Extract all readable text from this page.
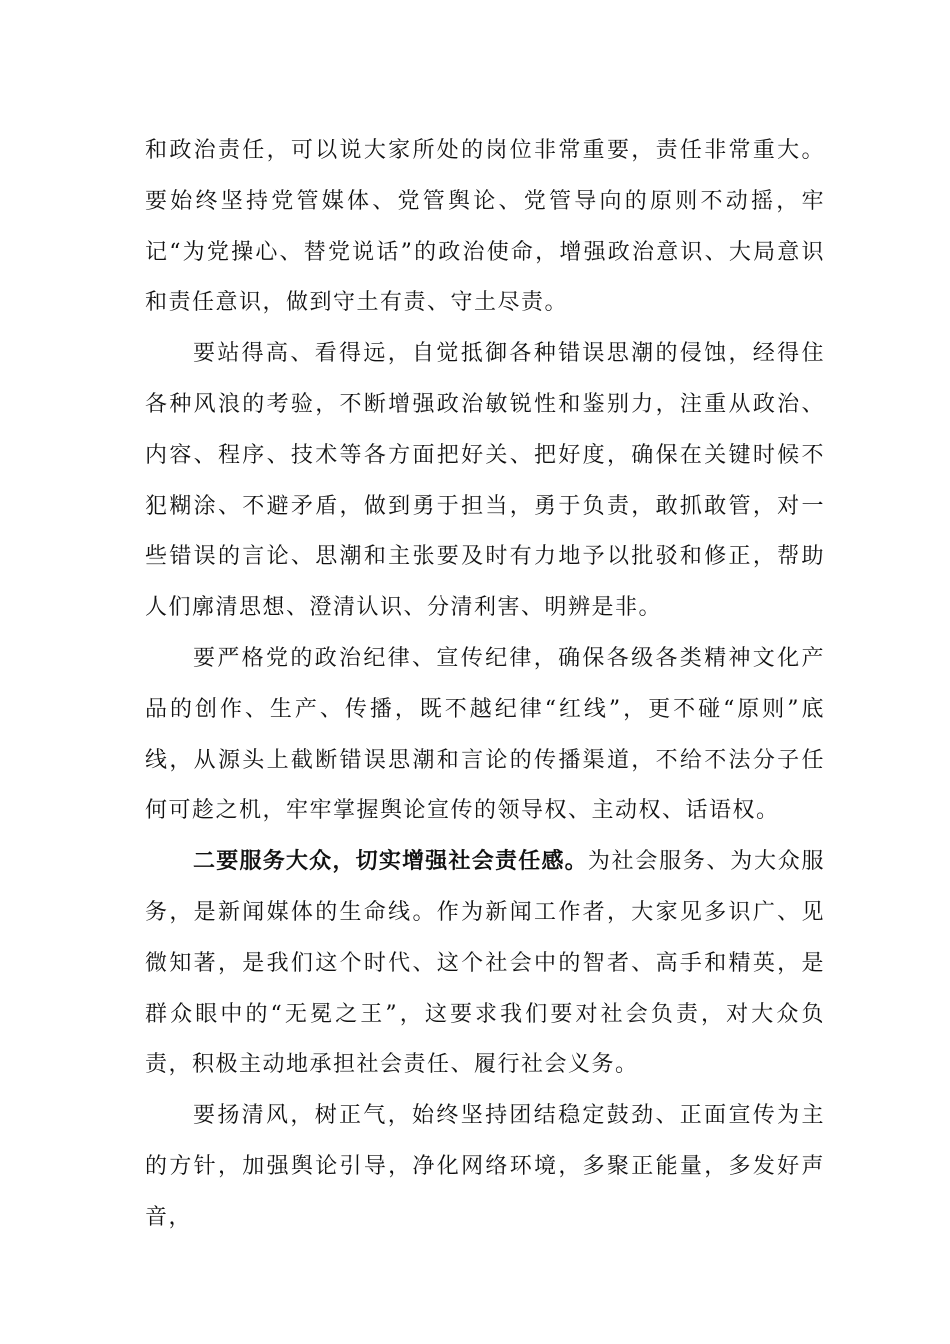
和政治责任，可以说大家所处的岗位非常重要，责任非常重大。要始终坚持党管媒体、党管舆论、党管导向的原则不动摇，牢记“为党操心、替党说话”的政治使命，增强政治意识、大局意识和责任意识，做到守土有责、守土尽责。

要站得高、看得远，自觉抵御各种错误思潮的侵蚀，经得住各种风浪的考验，不断增强政治敏锐性和鉴别力，注重从政治、内容、程序、技术等各方面把好关、把好度，确保在关键时候不犯糊涂、不避矛盾，做到勇于担当，勇于负责，敢抓敢管，对一些错误的言论、思潮和主张要及时有力地予以批驳和修正，帮助人们廓清思想、澄清认识、分清利害、明辨是非。

要严格党的政治纪律、宣传纪律，确保各级各类精神文化产品的创作、生产、传播，既不越纪律“红线”，更不碰“原则”底线，从源头上截断错误思潮和言论的传播渠道，不给不法分子任何可趁之机，牢牢掌握舆论宣传的领导权、主动权、话语权。

二要服务大众，切实增强社会责任感。为社会服务、为大众服务，是新闻媒体的生命线。作为新闻工作者，大家见多识广、见微知著，是我们这个时代、这个社会中的智者、高手和精英，是群众眼中的“无冕之王”，这要求我们要对社会负责，对大众负责，积极主动地承担社会责任、履行社会义务。

要扬清风，树正气，始终坚持团结稳定鼓劲、正面宣传为主的方针，加强舆论引导，净化网络环境，多聚正能量，多发好声音，
